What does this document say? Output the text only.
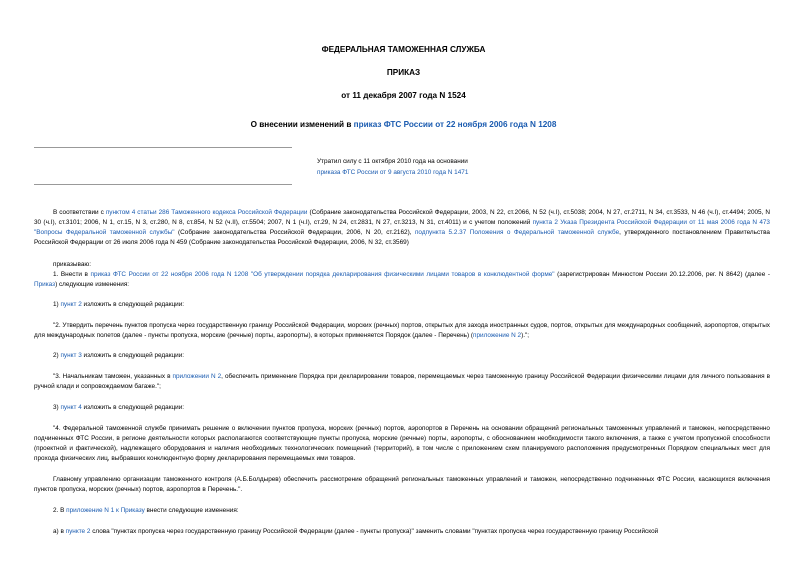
ФЕДЕРАЛЬНАЯ ТАМОЖЕННАЯ СЛУЖБА
ПРИКАЗ
от 11 декабря 2007 года N 1524
О внесении изменений в приказ ФТС России от 22 ноября 2006 года N 1208
Утратил силу с 11 октября 2010 года на основании
приказа ФТС России от 9 августа 2010 года N 1471

В соответствии с пунктом 4 статьи 286 Таможенного кодекса Российской Федерации (Собрание законодательства Российской Федерации, 2003, N 22, ст.2066, N 52 (ч.I), ст.5038; 2004, N 27, ст.2711, N 34, ст.3533, N 46 (ч.I), ст.4494; 2005, N 30 (ч.I), ст.3101; 2006, N 1, ст.15, N 3, ст.280, N 8, ст.854, N 52 (ч.II), ст.5504; 2007, N 1 (ч.I), ст.29, N 24, ст.2831, N 27, ст.3213, N 31, ст.4011) и с учетом положений пункта 2 Указа Президента Российской Федерации от 11 мая 2006 года N 473 "Вопросы Федеральной таможенной службы" (Собрание законодательства Российской Федерации, 2006, N 20, ст.2162), подпункта 5.2.37 Положения о Федеральной таможенной службе, утвержденного постановлением Правительства Российской Федерации от 26 июля 2006 года N 459 (Собрание законодательства Российской Федерации, 2006, N 32, ст.3569)

приказываю:

1. Внести в приказ ФТС России от 22 ноября 2006 года N 1208 "Об утверждении порядка декларирования физическими лицами товаров в конклюдентной форме" (зарегистрирован Минюстом России 20.12.2006, рег. N 8642) (далее - Приказ) следующие изменения:

1) пункт 2 изложить в следующей редакции:

"2. Утвердить перечень пунктов пропуска через государственную границу Российской Федерации, морских (речных) портов, открытых для захода иностранных судов, портов, открытых для международных сообщений, аэропортов, открытых для международных полетов (далее - пункты пропуска, морские (речные) порты, аэропорты), в которых применяется Порядок (далее - Перечень) (приложение N 2).";

2) пункт 3 изложить в следующей редакции:

"3. Начальникам таможен, указанных в приложении N 2, обеспечить применение Порядка при декларировании товаров, перемещаемых через таможенную границу Российской Федерации физическими лицами для личного пользования в ручной клади и сопровождаемом багаже.";

3) пункт 4 изложить в следующей редакции:

"4. Федеральной таможенной службе принимать решение о включении пунктов пропуска, морских (речных) портов, аэропортов в Перечень на основании обращений региональных таможенных управлений и таможен, непосредственно подчиненных ФТС России, в регионе деятельности которых располагаются соответствующие пункты пропуска, морские (речные) порты, аэропорты, с обоснованием необходимости такого включения, а также с учетом пропускной способности (проектной и фактической), надлежащего оборудования и наличия необходимых технологических помещений (территорий), в том числе с приложением схем планируемого расположения предусмотренных Порядком специальных мест для прохода физических лиц, выбравших конклюдентную форму декларирования перемещаемых ими товаров.

Главному управлению организации таможенного контроля (А.Б.Болдырев) обеспечить рассмотрение обращений региональных таможенных управлений и таможен, непосредственно подчиненных ФТС России, касающихся включения пунктов пропуска, морских (речных) портов, аэропортов в Перечень.".

2. В приложение N 1 к Приказу внести следующие изменения:

а) в пункте 2 слова "пунктах пропуска через государственную границу Российской Федерации (далее - пункты пропуска)" заменить словами "пунктах пропуска через государственную границу Российской
